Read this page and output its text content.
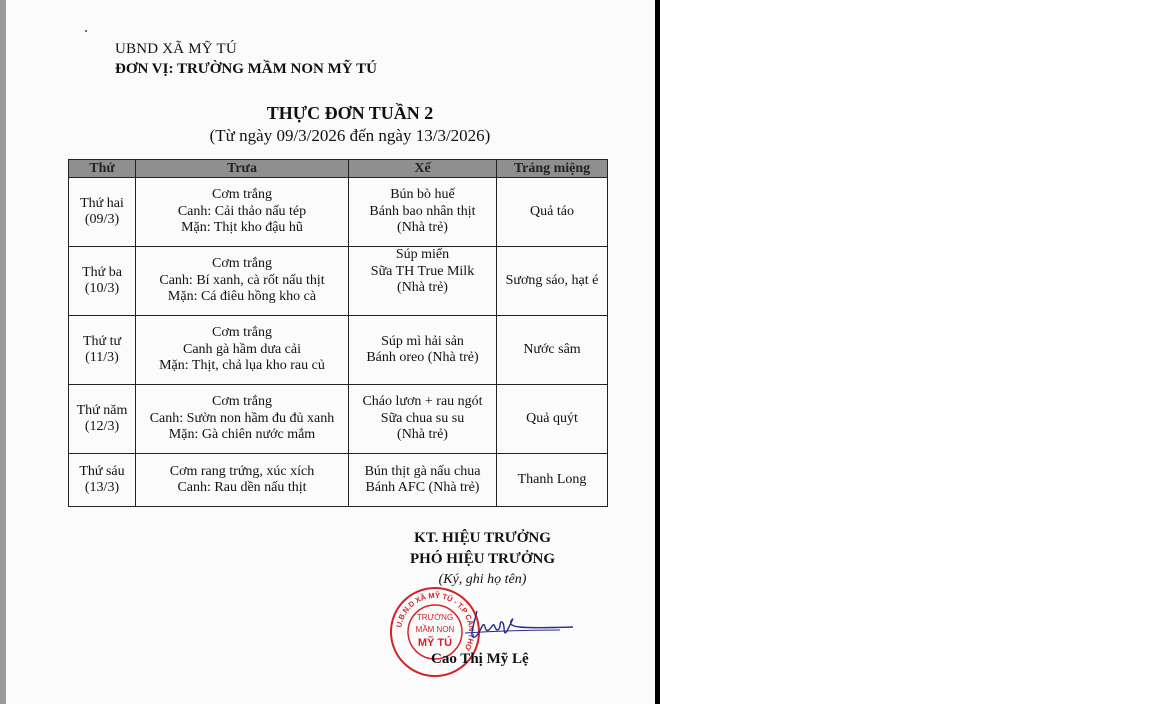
UBND XÃ MỸ TÚ
ĐƠN VỊ: TRƯỜNG MẦM NON MỸ TÚ
THỰC ĐƠN TUẦN 2
(Từ ngày 09/3/2026 đến ngày 13/3/2026)
Thứ	Trưa	Xế	Tráng miệng

Thứ hai
(09/3)	Cơm trắng
Canh: Cải thảo nấu tép
Mặn: Thịt kho đậu hũ	Bún bò huế
Bánh bao nhân thịt
(Nhà trẻ)	Quả táo

Thứ ba
(10/3)	Cơm trắng
Canh: Bí xanh, cà rốt nấu thịt
Mặn: Cá điêu hồng kho cà	Súp miến
Sữa TH True Milk
(Nhà trẻ)	Sương sáo, hạt é

Thứ tư
(11/3)	Cơm trắng
Canh gà hầm dưa cải
Mặn: Thịt, chả lụa kho rau củ	Súp mì hải sản
Bánh oreo (Nhà trẻ)	Nước sâm

Thứ năm
(12/3)	Cơm trắng
Canh: Sườn non hầm đu đủ xanh
Mặn: Gà chiên nước mắm	Cháo lươn + rau ngót
Sữa chua su su
(Nhà trẻ)	Quả quýt

Thứ sáu
(13/3)	Cơm rang trứng, xúc xích
Canh: Rau dền nấu thịt	Bún thịt gà nấu chua
Bánh AFC (Nhà trẻ)	Thanh Long
KT. HIỆU TRƯỞNG
PHÓ HIỆU TRƯỞNG
(Ký, ghi họ tên)
U.B.N.D XÃ MỸ TÚ - T.P CẦN THƠ
TRƯỜNG
MẦM NON
MỸ TÚ
Cao Thị Mỹ Lệ
